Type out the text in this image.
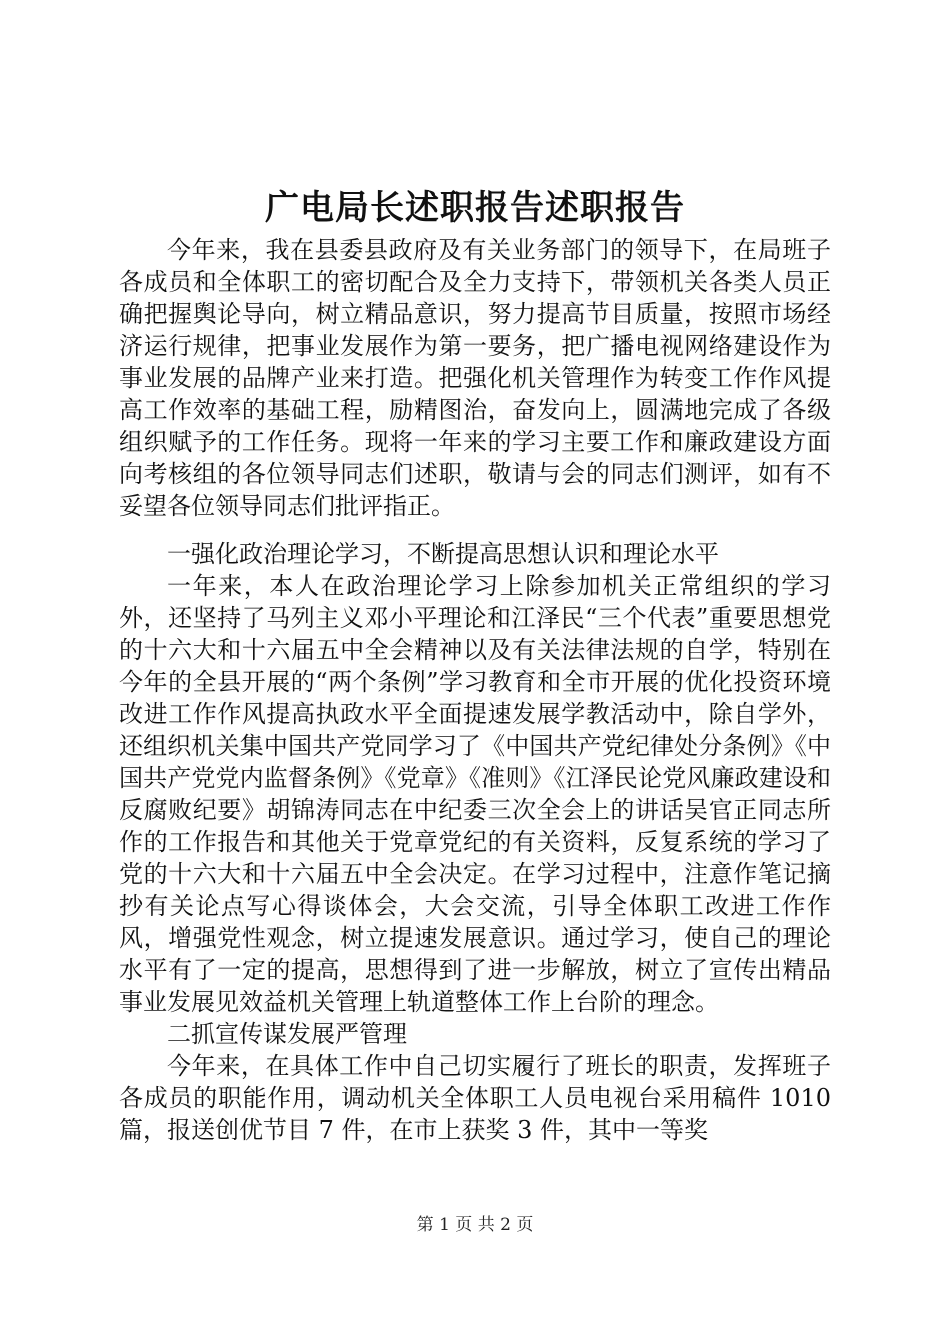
广电局长述职报告述职报告

今年来，我在县委县政府及有关业务部门的领导下，在局班子各成员和全体职工的密切配合及全力支持下，带领机关各类人员正确把握舆论导向，树立精品意识，努力提高节目质量，按照市场经济运行规律，把事业发展作为第一要务，把广播电视网络建设作为事业发展的品牌产业来打造。把强化机关管理作为转变工作作风提高工作效率的基础工程，励精图治，奋发向上，圆满地完成了各级组织赋予的工作任务。现将一年来的学习主要工作和廉政建设方面向考核组的各位领导同志们述职，敬请与会的同志们测评，如有不妥望各位领导同志们批评指正。

一强化政治理论学习，不断提高思想认识和理论水平

一年来，本人在政治理论学习上除参加机关正常组织的学习外，还坚持了马列主义邓小平理论和江泽民“三个代表”重要思想党的十六大和十六届五中全会精神以及有关法律法规的自学，特别在今年的全县开展的“两个条例”学习教育和全市开展的优化投资环境改进工作作风提高执政水平全面提速发展学教活动中，除自学外，还组织机关集中国共产党同学习了《中国共产党纪律处分条例》《中国共产党党内监督条例》《党章》《准则》《江泽民论党风廉政建设和反腐败纪要》胡锦涛同志在中纪委三次全会上的讲话吴官正同志所作的工作报告和其他关于党章党纪的有关资料，反复系统的学习了党的十六大和十六届五中全会决定。在学习过程中，注意作笔记摘抄有关论点写心得谈体会，大会交流，引导全体职工改进工作作风，增强党性观念，树立提速发展意识。通过学习，使自己的理论水平有了一定的提高，思想得到了进一步解放，树立了宣传出精品事业发展见效益机关管理上轨道整体工作上台阶的理念。

二抓宣传谋发展严管理

今年来，在具体工作中自己切实履行了班长的职责，发挥班子各成员的职能作用，调动机关全体职工人员电视台采用稿件 1010 篇，报送创优节目 7 件，在市上获奖 3 件，其中一等奖

第 1 页 共 2 页
